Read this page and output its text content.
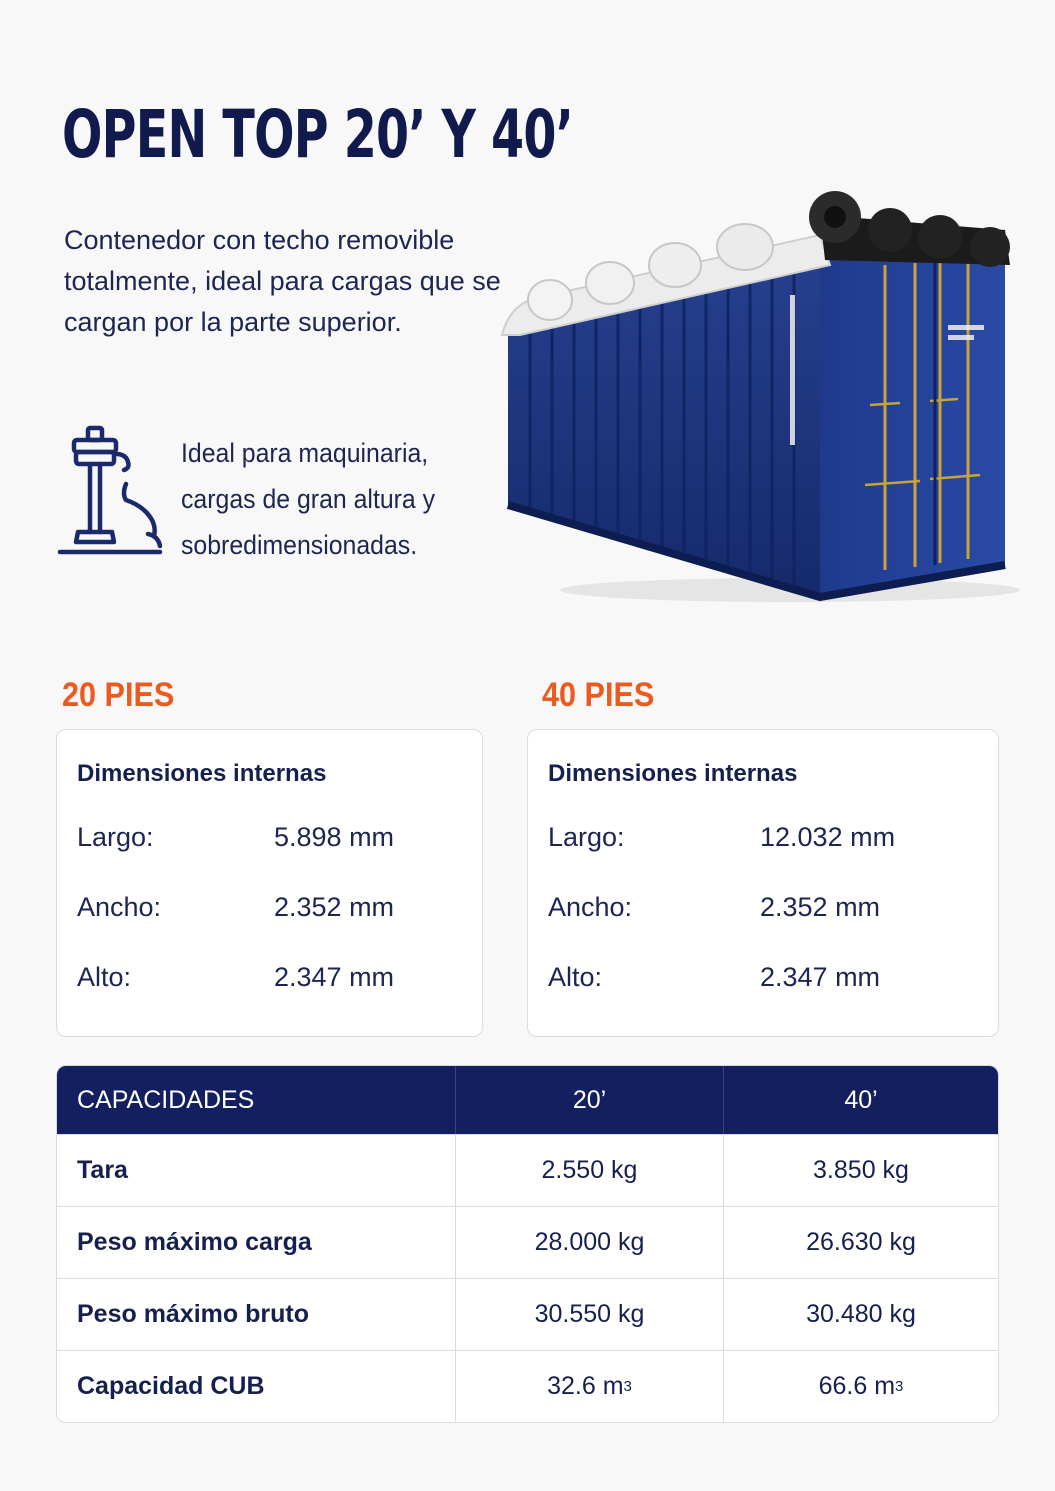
OPEN TOP 20’ Y 40’

Contenedor con techo removible totalmente, ideal para cargas que se cargan por la parte superior.

Ideal para maquinaria, cargas de gran altura y sobredimensionadas.

20 PIES
Dimensiones internas
Largo:	5.898 mm
Ancho:	2.352 mm
Alto:	2.347 mm
40 PIES
Dimensiones internas
Largo:	12.032 mm
Ancho:	2.352 mm
Alto:	2.347 mm
CAPACIDADES	20’	40’
Tara	2.550 kg	3.850 kg
Peso máximo carga	28.000 kg	26.630 kg
Peso máximo bruto	30.550 kg	30.480 kg
Capacidad CUB	32.6 m 3	66.6 m 3
